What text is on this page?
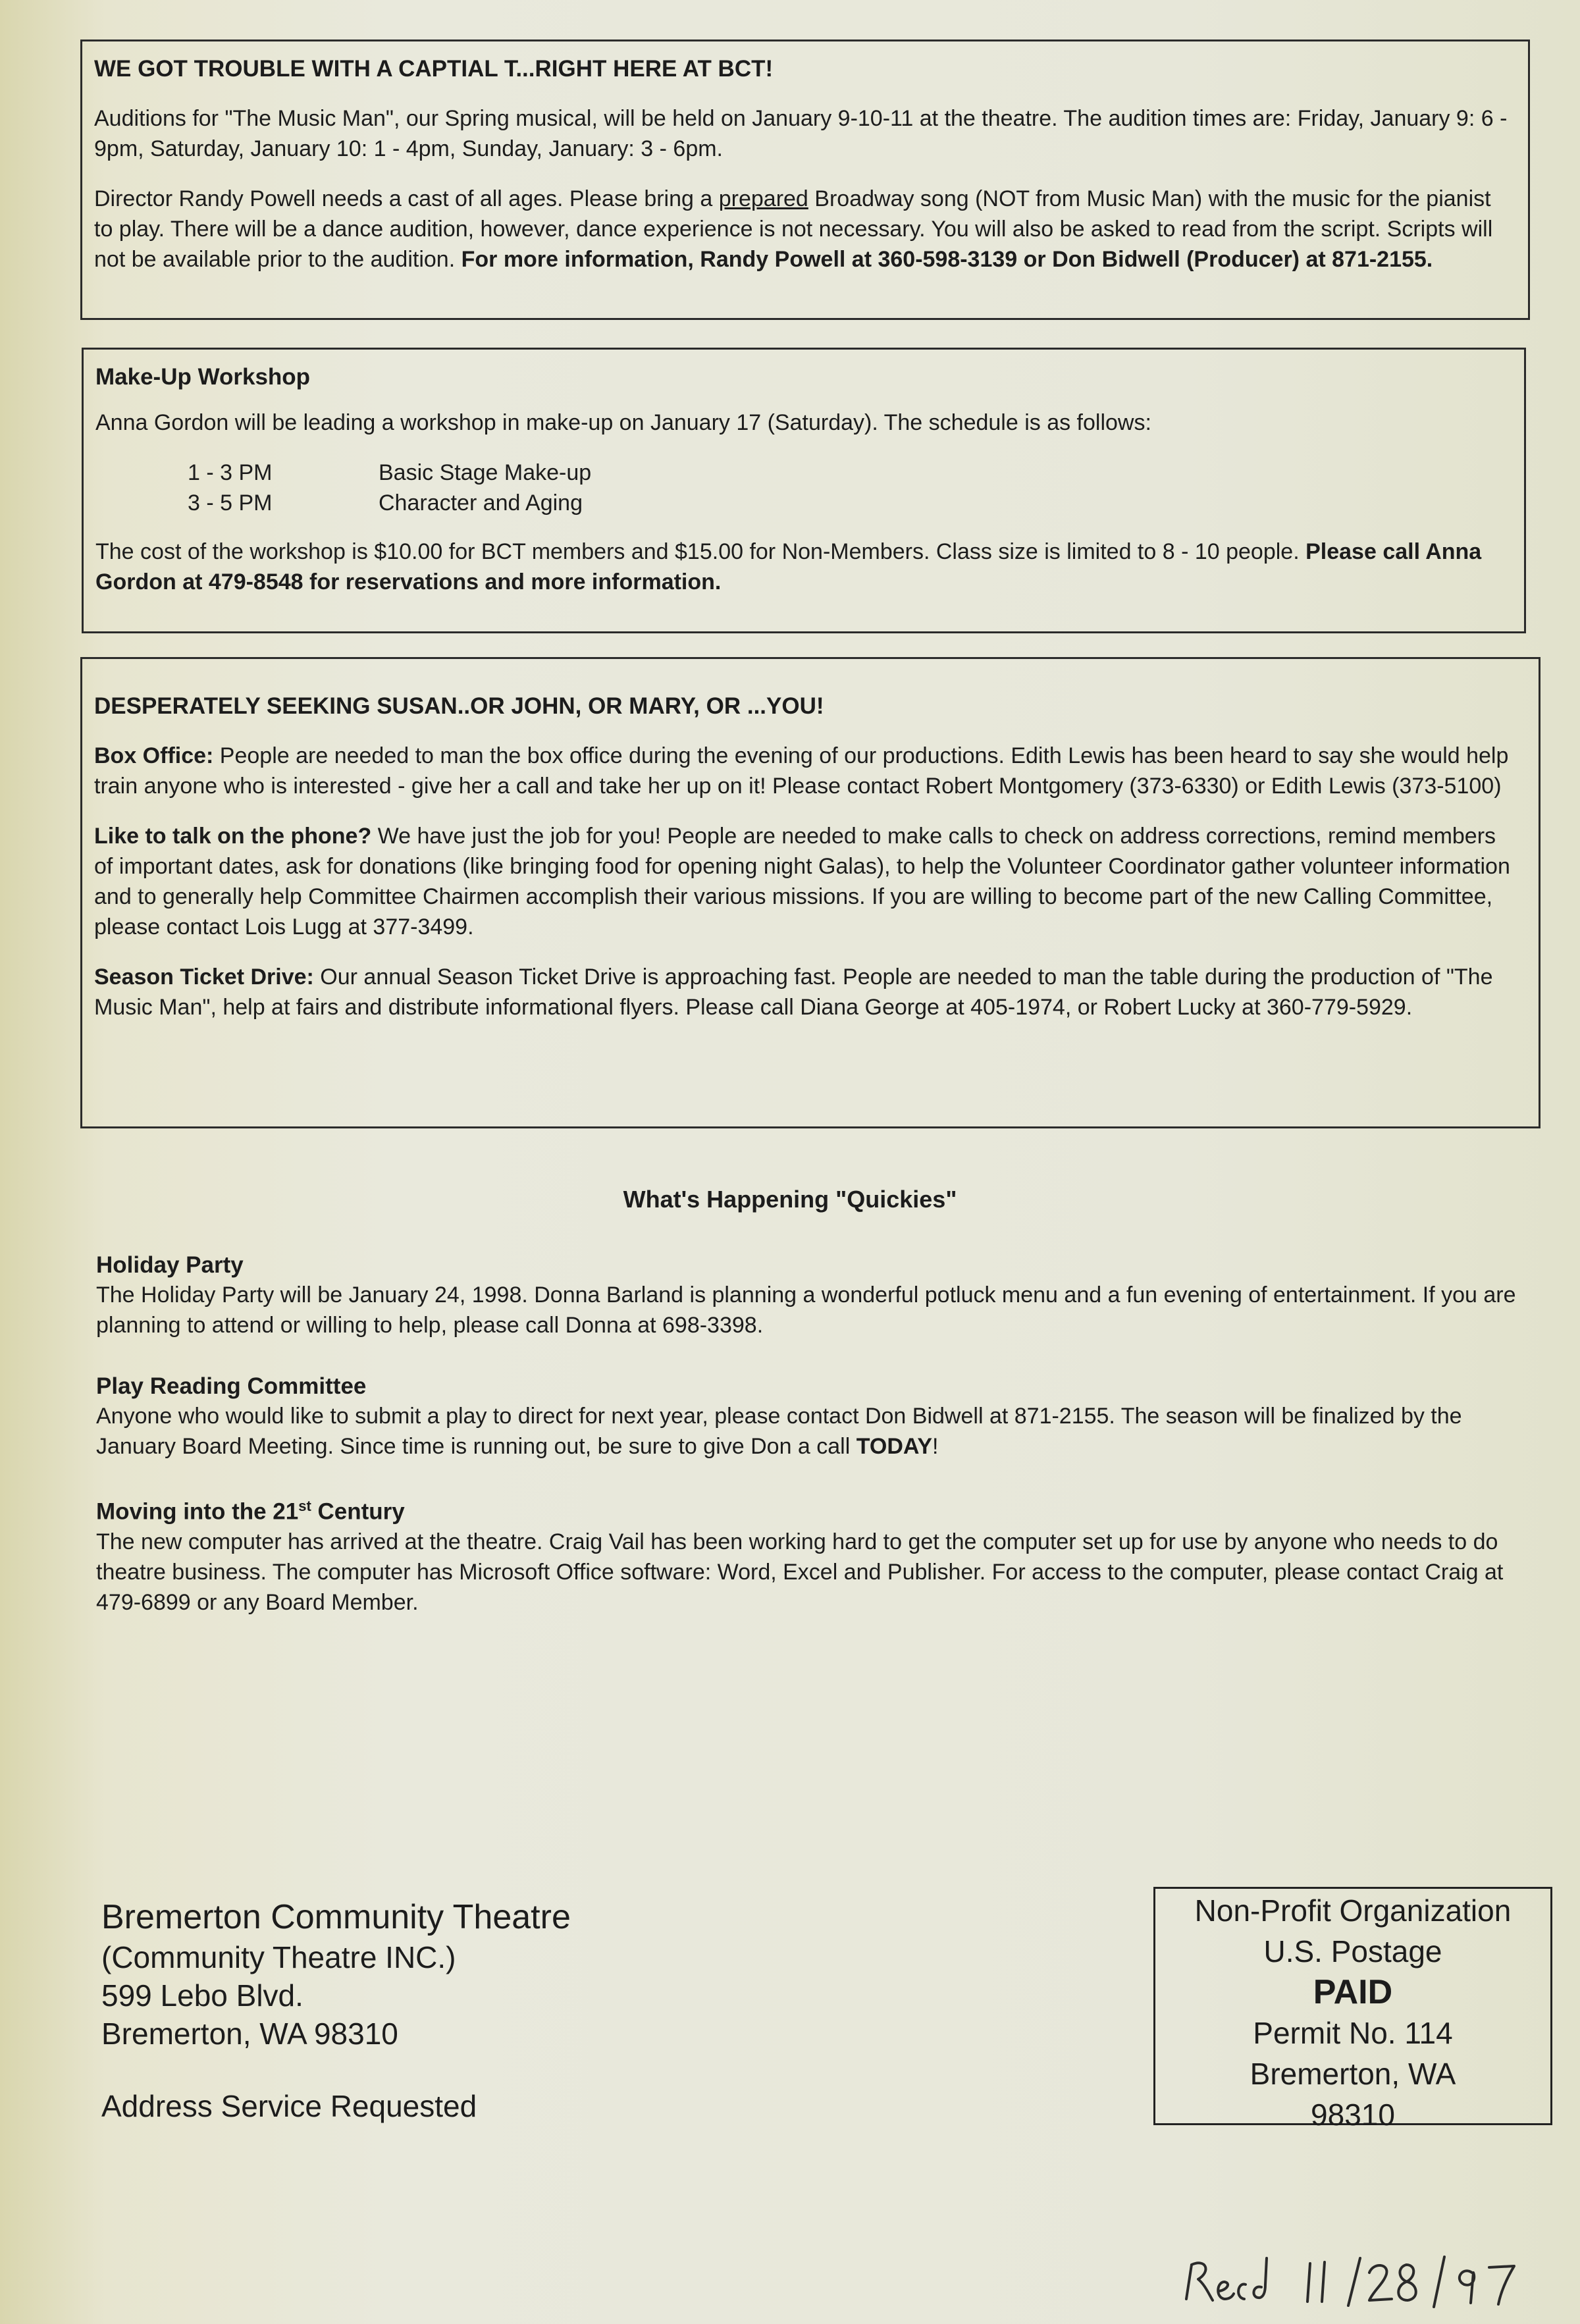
WE GOT TROUBLE WITH A CAPTIAL T...RIGHT HERE AT BCT!

Auditions for "The Music Man", our Spring musical, will be held on January 9-10-11 at the theatre. The audition times are: Friday, January 9: 6 - 9pm, Saturday, January 10: 1 - 4pm, Sunday, January: 3 - 6pm.

Director Randy Powell needs a cast of all ages. Please bring a prepared Broadway song (NOT from Music Man) with the music for the pianist to play. There will be a dance audition, however, dance experience is not necessary. You will also be asked to read from the script. Scripts will not be available prior to the audition. For more information, Randy Powell at 360-598-3139 or Don Bidwell (Producer) at 871-2155.

Make-Up Workshop

Anna Gordon will be leading a workshop in make-up on January 17 (Saturday). The schedule is as follows:

1 - 3 PM	Basic Stage Make-up
3 - 5 PM	Character and Aging

The cost of the workshop is $10.00 for BCT members and $15.00 for Non-Members. Class size is limited to 8 - 10 people. Please call Anna Gordon at 479-8548 for reservations and more information.

DESPERATELY SEEKING SUSAN..OR JOHN, OR MARY, OR ...YOU!

Box Office: People are needed to man the box office during the evening of our productions. Edith Lewis has been heard to say she would help train anyone who is interested - give her a call and take her up on it! Please contact Robert Montgomery (373-6330) or Edith Lewis (373-5100)

Like to talk on the phone? We have just the job for you! People are needed to make calls to check on address corrections, remind members of important dates, ask for donations (like bringing food for opening night Galas), to help the Volunteer Coordinator gather volunteer information and to generally help Committee Chairmen accomplish their various missions. If you are willing to become part of the new Calling Committee, please contact Lois Lugg at 377-3499.

Season Ticket Drive: Our annual Season Ticket Drive is approaching fast. People are needed to man the table during the production of "The Music Man", help at fairs and distribute informational flyers. Please call Diana George at 405-1974, or Robert Lucky at 360-779-5929.

What's Happening "Quickies"

Holiday Party

The Holiday Party will be January 24, 1998. Donna Barland is planning a wonderful potluck menu and a fun evening of entertainment. If you are planning to attend or willing to help, please call Donna at 698-3398.

Play Reading Committee

Anyone who would like to submit a play to direct for next year, please contact Don Bidwell at 871-2155. The season will be finalized by the January Board Meeting. Since time is running out, be sure to give Don a call TODAY!

Moving into the 21st Century

The new computer has arrived at the theatre. Craig Vail has been working hard to get the computer set up for use by anyone who needs to do theatre business. The computer has Microsoft Office software: Word, Excel and Publisher. For access to the computer, please contact Craig at 479-6899 or any Board Member.

Bremerton Community Theatre

(Community Theatre INC.)

599 Lebo Blvd.

Bremerton, WA 98310

Address Service Requested

Non-Profit Organization

U.S. Postage

PAID

Permit No. 114

Bremerton, WA

98310
